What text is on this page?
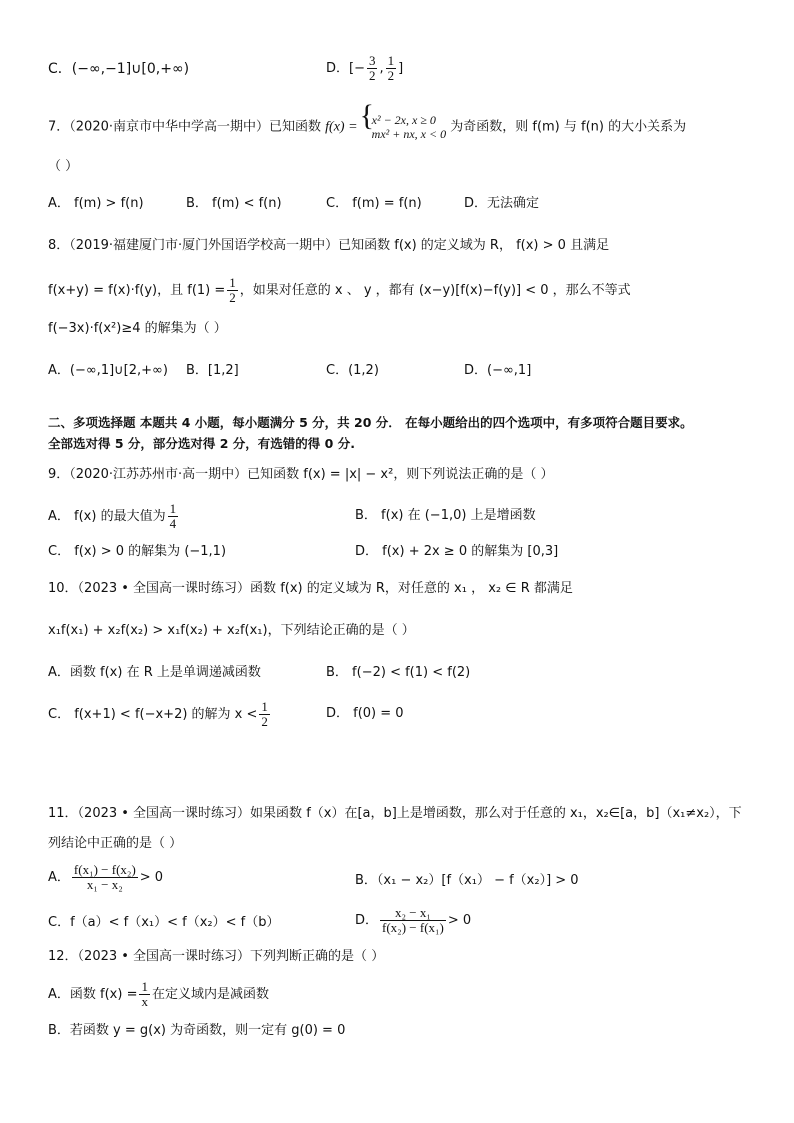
C．(−∞,−1]∪[0,+∞)	D．[− $\frac{3}{2}$ , $\frac{1}{2}$ ]
7．（2020·南京市中华中学高一期中）已知函数 f(x) =
{ x² − 2x, x ≥ 0
mx² + nx, x < 0 为奇函数，则 f(m) 与 f(n) 的大小关系为
（ ）
A． f(m) > f(n)	B． f(m) < f(n)	C． f(m) = f(n)	D．无法确定
8．（2019·福建厦门市·厦门外国语学校高一期中）已知函数 f(x) 的定义域为 R， f(x) > 0 且满足
f(x+y) = f(x)·f(y)，且 $f(1) = \frac{1}{2}$ ，如果对任意的 x 、 y ，都有 (x−y)[f(x)−f(y)] < 0 ，那么不等式
f(−3x)·f(x²)≥4 的解集为（ ）
A．(−∞,1]∪[2,+∞) B．[1,2]	C．(1,2)	D．(−∞,1]
二、多项选择题 本题共 4 小题，每小题满分 5 分，共 20 分． 在每小题给出的四个选项中，有多项符合题目要求。
全部选对得 5 分，部分选对得 2 分，有选错的得 0 分.
9．（2020·江苏苏州市·高一期中）已知函数 f(x) = |x| − x²，则下列说法正确的是（ ）
A． f(x) 的最大值为 $\frac{1}{4}$	B． f(x) 在 (−1,0) 上是增函数
C． f(x) > 0 的解集为 (−1,1)	D． f(x) + 2x ≥ 0 的解集为 [0,3]
10．（2023 • 全国高一课时练习）函数 f(x) 的定义域为 R，对任意的 x₁ ， x₂ ∈ R 都满足
x₁f(x₁) + x₂f(x₂) > x₁f(x₂) + x₂f(x₁)，下列结论正确的是（ ）
A．函数 f(x) 在 R 上是单调递减函数	B． f(−2) < f(1) < f(2)
C． f(x+1) < f(−x+2) 的解为 $x < \frac{1}{2}$	D． f(0) = 0
11．（2023 • 全国高一课时练习）如果函数 f（x）在[a，b]上是增函数，那么对于任意的 x₁，x₂∈[a，b]（x₁≠x₂），下
列结论中正确的是（ ）
A． $\frac{\text{f(x₁) − f(x₂)}}{\text{x₁ − x₂}} > 0$	B．（x₁ − x₂）[f（x₁） − f（x₂）] > 0
C．f（a）< f（x₁）< f（x₂）< f（b）	D． $\frac{\text{x₂ − x₁}}{\text{f(x₂) − f(x₁)}} > 0$
12．（2023 • 全国高一课时练习）下列判断正确的是（ ）
A．函数 $f(x) = \frac{1}{x}$ 在定义域内是减函数
B．若函数 y = g(x) 为奇函数，则一定有 g(0) = 0
